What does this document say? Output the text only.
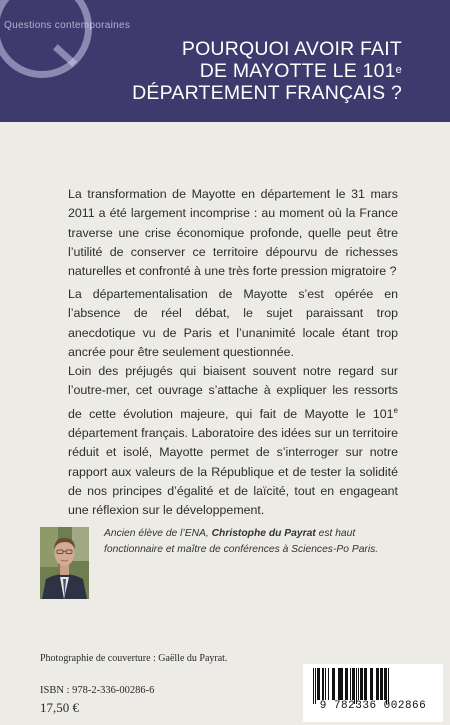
Questions contemporaines
POURQUOI AVOIR FAIT
DE MAYOTTE LE 101e
DÉPARTEMENT FRANÇAIS ?
La transformation de Mayotte en département le 31 mars 2011 a été largement incomprise : au moment où la France traverse une crise économique profonde, quelle peut être l’utilité de conserver ce territoire dépourvu de richesses naturelles et confronté à une très forte pression migratoire ?
La départementalisation de Mayotte s’est opérée en l’absence de réel débat, le sujet paraissant trop anecdotique vu de Paris et l’unanimité locale étant trop ancrée pour être seulement questionnée.
Loin des préjugés qui biaisent souvent notre regard sur l’outre-mer, cet ouvrage s’attache à expliquer les ressorts de cette évolution majeure, qui fait de Mayotte le 101e département français. Laboratoire des idées sur un territoire réduit et isolé, Mayotte permet de s’interroger sur notre rapport aux valeurs de la République et de tester la solidité de nos principes d’égalité et de laïcité, tout en engageant une réflexion sur le développement.
Ancien élève de l’ENA, Christophe du Payrat est haut fonctionnaire et maître de conférences à Sciences-Po Paris.
Photographie de couverture : Gaëlle du Payrat.
ISBN : 978-2-336-00286-6
17,50 €	9 782336 002866
